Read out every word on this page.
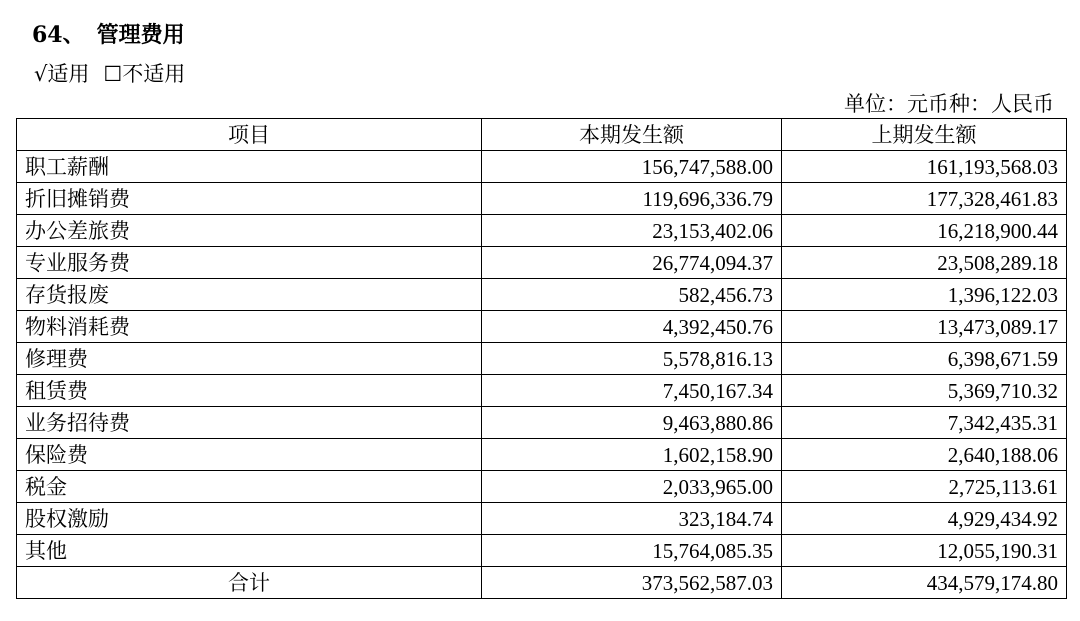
64、 管理费用
√适用 ☐不适用
单位：元币种：人民币
项目	本期发生额	上期发生额
职工薪酬	156,747,588.00	161,193,568.03
折旧摊销费	119,696,336.79	177,328,461.83
办公差旅费	23,153,402.06	16,218,900.44
专业服务费	26,774,094.37	23,508,289.18
存货报废	582,456.73	1,396,122.03
物料消耗费	4,392,450.76	13,473,089.17
修理费	5,578,816.13	6,398,671.59
租赁费	7,450,167.34	5,369,710.32
业务招待费	9,463,880.86	7,342,435.31
保险费	1,602,158.90	2,640,188.06
税金	2,033,965.00	2,725,113.61
股权激励	323,184.74	4,929,434.92
其他	15,764,085.35	12,055,190.31
合计	373,562,587.03	434,579,174.80
